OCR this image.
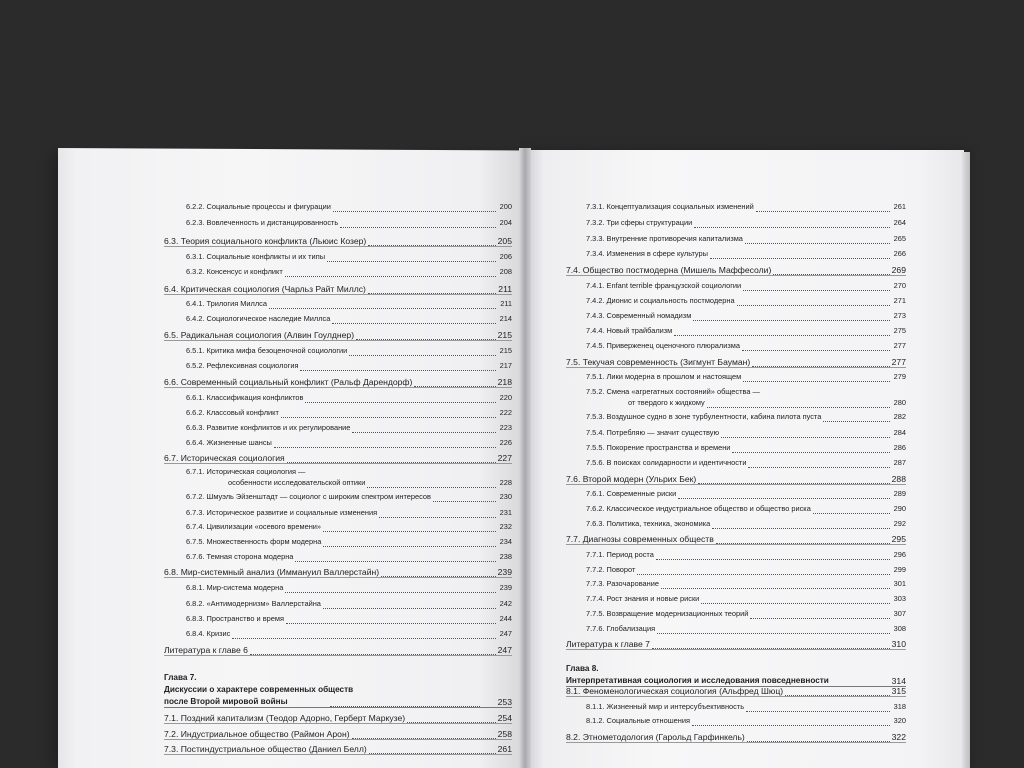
6.2.2. Социальные процессы и фигурации	200
6.2.3. Вовлеченность и дистанцированность	204
6.3. Теория социального конфликта (Льюис Козер)	205
6.3.1. Социальные конфликты и их типы	206
6.3.2. Консенсус и конфликт	208
6.4. Критическая социология (Чарльз Райт Миллс)	211
6.4.1. Трилогия Миллса	211
6.4.2. Социологическое наследие Миллса	214
6.5. Радикальная социология (Алвин Гоулднер)	215
6.5.1. Критика мифа безоценочной социологии	215
6.5.2. Рефлексивная социология	217
6.6. Современный социальный конфликт (Ральф Дарендорф)	218
6.6.1. Классификация конфликтов	220
6.6.2. Классовый конфликт	222
6.6.3. Развитие конфликтов и их регулирование	223
6.6.4. Жизненные шансы	226
6.7. Историческая социология	227
6.7.1. Историческая социология —
особенности исследовательской оптики	228
6.7.2. Шмуэль Эйзенштадт — социолог с широким спектром интересов	230
6.7.3. Историческое развитие и социальные изменения	231
6.7.4. Цивилизации «осевого времени»	232
6.7.5. Множественность форм модерна	234
6.7.6. Темная сторона модерна	238
6.8. Мир-системный анализ (Иммануил Валлерстайн)	239
6.8.1. Мир-система модерна	239
6.8.2. «Антимодернизм» Валлерстайна	242
6.8.3. Пространство и время	244
6.8.4. Кризис	247
Литература к главе 6	247
Глава 7.
Дискуссии о характере современных обществ
после Второй мировой войны	253
7.1. Поздний капитализм (Теодор Адорно, Герберт Маркузе)	254
7.2. Индустриальное общество (Раймон Арон)	258
7.3. Постиндустриальное общество (Даниел Белл)	261
7.3.1. Концептуализация социальных изменений	261
7.3.2. Три сферы структурации	264
7.3.3. Внутренние противоречия капитализма	265
7.3.4. Изменения в сфере культуры	266
7.4. Общество постмодерна (Мишель Маффесоли)	269
7.4.1. Enfant terrible французской социологии	270
7.4.2. Дионис и социальность постмодерна	271
7.4.3. Современный номадизм	273
7.4.4. Новый трайбализм	275
7.4.5. Приверженец оценочного плюрализма	277
7.5. Текучая современность (Зигмунт Бауман)	277
7.5.1. Лики модерна в прошлом и настоящем	279
7.5.2. Смена «агрегатных состояний» общества —
от твердого к жидкому	280
7.5.3. Воздушное судно в зоне турбулентности, кабина пилота пуста	282
7.5.4. Потребляю — значит существую	284
7.5.5. Покорение пространства и времени	286
7.5.6. В поисках солидарности и идентичности	287
7.6. Второй модерн (Ульрих Бек)	288
7.6.1. Современные риски	289
7.6.2. Классическое индустриальное общество и общество риска	290
7.6.3. Политика, техника, экономика	292
7.7. Диагнозы современных обществ	295
7.7.1. Период роста	296
7.7.2. Поворот	299
7.7.3. Разочарование	301
7.7.4. Рост знания и новые риски	303
7.7.5. Возвращение модернизационных теорий	307
7.7.6. Глобализация	308
Литература к главе 7	310
Глава 8.
Интерпретативная социология и исследования повседневности	314
8.1. Феноменологическая социология (Альфред Шюц)	315
8.1.1. Жизненный мир и интерсубъективность	318
8.1.2. Социальные отношения	320
8.2. Этнометодология (Гарольд Гарфинкель)	322
